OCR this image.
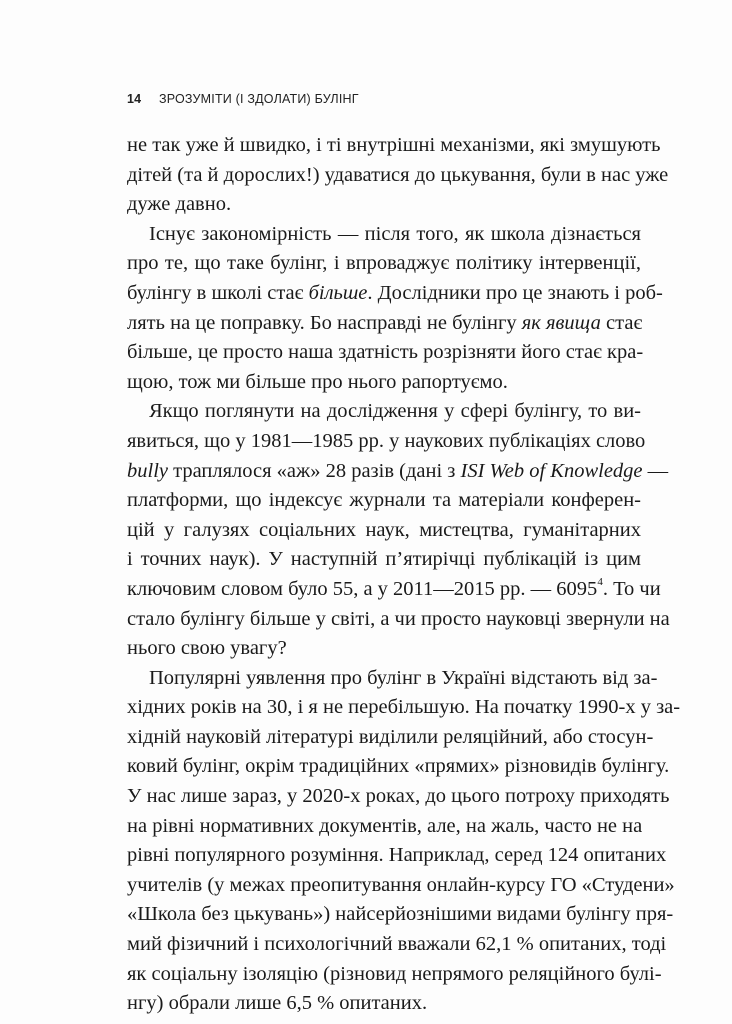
14 ЗРОЗУМІТИ (І ЗДОЛАТИ) БУЛІНГ
не так уже й швидко, і ті внутрішні механізми, які змушують
дітей (та й дорослих!) удаватися до цькування, були в нас уже
дуже давно.
Існує закономірність — після того, як школа дізнається
про те, що таке булінг, і впроваджує політику інтервенції,
булінгу в школі стає більше. Дослідники про це знають і роб-
лять на це поправку. Бо насправді не булінгу як явища стає
більше, це просто наша здатність розрізняти його стає кра-
щою, тож ми більше про нього рапортуємо.
Якщо поглянути на дослідження у сфері булінгу, то ви-
явиться, що у 1981—1985 рр. у наукових публікаціях слово
bully траплялося «аж» 28 разів (дані з ISI Web of Knowledge —
платформи, що індексує журнали та матеріали конферен-
цій у галузях соціальних наук, мистецтва, гуманітарних
і точних наук). У наступній п’ятирічці публікацій із цим
ключовим словом було 55, а у 2011—2015 рр. — 6095$^4$. То чи
стало булінгу більше у світі, а чи просто науковці звернули на
нього свою увагу?
Популярні уявлення про булінг в Україні відстають від за-
хідних років на 30, і я не перебільшую. На початку 1990-х у за-
хідній науковій літературі виділили реляційний, або стосун-
ковий булінг, окрім традиційних «прямих» різновидів булінгу.
У нас лише зараз, у 2020-х роках, до цього потроху приходять
на рівні нормативних документів, але, на жаль, часто не на
рівні популярного розуміння. Наприклад, серед 124 опитаних
учителів (у межах преопитування онлайн-курсу ГО «Студени»
«Школа без цькувань») найсерйознішими видами булінгу пря-
мий фізичний і психологічний вважали 62,1 % опитаних, тоді
як соціальну ізоляцію (різновид непрямого реляційного булі-
нгу) обрали лише 6,5 % опитаних.
